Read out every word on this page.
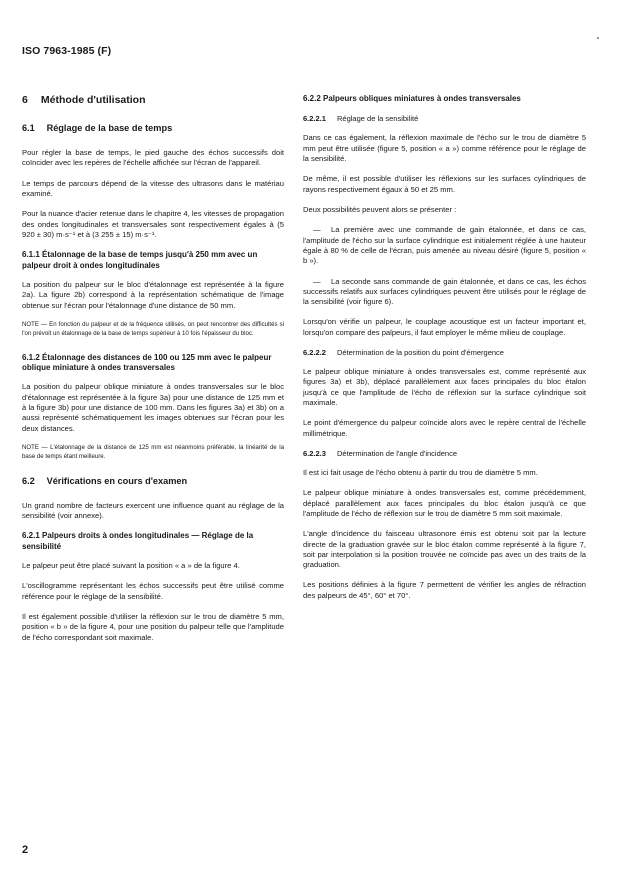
ISO 7963-1985 (F)
6 Méthode d'utilisation
6.1 Réglage de la base de temps

Pour régler la base de temps, le pied gauche des échos successifs doit coïncider avec les repères de l'échelle affichée sur l'écran de l'appareil.

Le temps de parcours dépend de la vitesse des ultrasons dans le matériau examiné.

Pour la nuance d'acier retenue dans le chapitre 4, les vitesses de propagation des ondes longitudinales et transversales sont respectivement égales à (5 920 ± 30) m·s⁻¹ et à (3 255 ± 15) m·s⁻¹.

6.1.1 Étalonnage de la base de temps jusqu'à 250 mm avec un palpeur droit à ondes longitudinales

La position du palpeur sur le bloc d'étalonnage est représentée à la figure 2a). La figure 2b) correspond à la représentation schématique de l'image obtenue sur l'écran pour l'étalonnage d'une distance de 50 mm.

NOTE — En fonction du palpeur et de la fréquence utilisés, on peut rencontrer des difficultés si l'on prévoit un étalonnage de la base de temps supérieur à 10 fois l'épaisseur du bloc.

6.1.2 Étalonnage des distances de 100 ou 125 mm avec le palpeur oblique miniature à ondes transversales

La position du palpeur oblique miniature à ondes transversales sur le bloc d'étalonnage est représentée à la figure 3a) pour une distance de 125 mm et à la figure 3b) pour une distance de 100 mm. Dans les figures 3a) et 3b) on a aussi représenté schématiquement les images obtenues sur l'écran pour les deux distances.

NOTE — L'étalonnage de la distance de 125 mm est néanmoins préférable, la linéarité de la base de temps étant meilleure.

6.2 Vérifications en cours d'examen

Un grand nombre de facteurs exercent une influence quant au réglage de la sensibilité (voir annexe).

6.2.1 Palpeurs droits à ondes longitudinales — Réglage de la sensibilité

Le palpeur peut être placé suivant la position « a » de la figure 4.

L'oscillogramme représentant les échos successifs peut être utilisé comme référence pour le réglage de la sensibilité.

Il est également possible d'utiliser la réflexion sur le trou de diamètre 5 mm, position « b » de la figure 4, pour une position du palpeur telle que l'amplitude de l'écho correspondant soit maximale.

6.2.2 Palpeurs obliques miniatures à ondes transversales
6.2.2.1 Réglage de la sensibilité

Dans ce cas également, la réflexion maximale de l'écho sur le trou de diamètre 5 mm peut être utilisée (figure 5, position « a ») comme référence pour le réglage de la sensibilité.

De même, il est possible d'utiliser les réflexions sur les surfaces cylindriques de rayons respectivement égaux à 50 et 25 mm.

Deux possibilités peuvent alors se présenter :

— La première avec une commande de gain étalonnée, et dans ce cas, l'amplitude de l'écho sur la surface cylindrique est initialement réglée à une hauteur égale à 80 % de celle de l'écran, puis amenée au niveau désiré (figure 5, position « b »).

— La seconde sans commande de gain étalonnée, et dans ce cas, les échos successifs relatifs aux surfaces cylindriques peuvent être utilisés pour le réglage de la sensibilité (voir figure 6).

Lorsqu'on vérifie un palpeur, le couplage acoustique est un facteur important et, lorsqu'on compare des palpeurs, il faut employer le même milieu de couplage.

6.2.2.2 Détermination de la position du point d'émergence

Le palpeur oblique miniature à ondes transversales est, comme représenté aux figures 3a) et 3b), déplacé parallèlement aux faces principales du bloc étalon jusqu'à ce que l'amplitude de l'écho de réflexion sur la surface cylindrique soit maximale.

Le point d'émergence du palpeur coïncide alors avec le repère central de l'échelle millimétrique.

6.2.2.3 Détermination de l'angle d'incidence

Il est ici fait usage de l'écho obtenu à partir du trou de diamètre 5 mm.

Le palpeur oblique miniature à ondes transversales est, comme précédemment, déplacé parallèlement aux faces principales du bloc étalon jusqu'à ce que l'amplitude de l'écho de réflexion sur le trou de diamètre 5 mm soit maximale.

L'angle d'incidence du faisceau ultrasonore émis est obtenu soit par la lecture directe de la graduation gravée sur le bloc étalon comme représenté à la figure 7, soit par interpolation si la position trouvée ne coïncide pas avec un des traits de la graduation.

Les positions définies à la figure 7 permettent de vérifier les angles de réfraction des palpeurs de 45°, 60° et 70°.

2
